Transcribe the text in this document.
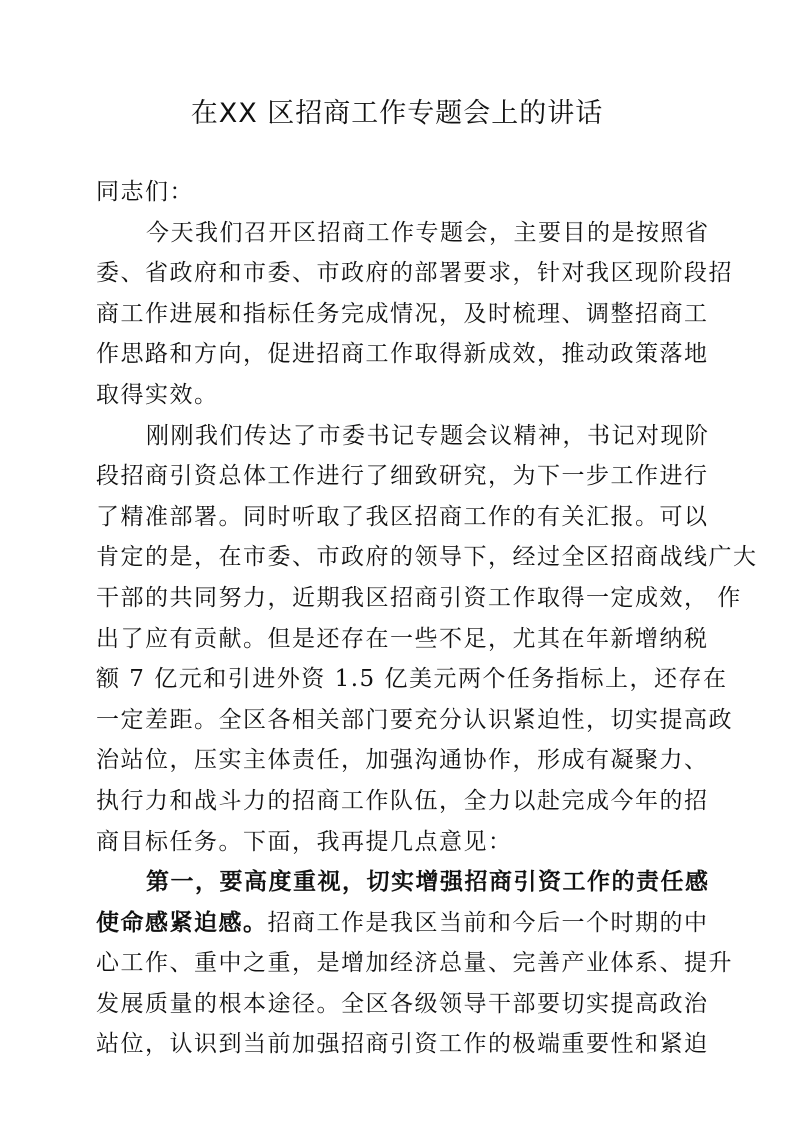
在XX 区招商工作专题会上的讲话
同志们：
今天我们召开区招商工作专题会，主要目的是按照省
委、省政府和市委、市政府的部署要求，针对我区现阶段招
商工作进展和指标任务完成情况，及时梳理、调整招商工
作思路和方向，促进招商工作取得新成效，推动政策落地
取得实效。
刚刚我们传达了市委书记专题会议精神，书记对现阶
段招商引资总体工作进行了细致研究，为下一步工作进行
了精准部署。同时听取了我区招商工作的有关汇报。可以
肯定的是，在市委、市政府的领导下，经过全区招商战线广大
干部的共同努力，近期我区招商引资工作取得一定成效， 作
出了应有贡献。但是还存在一些不足，尤其在年新增纳税
额 7 亿元和引进外资 1.5 亿美元两个任务指标上，还存在
一定差距。全区各相关部门要充分认识紧迫性，切实提高政
治站位，压实主体责任，加强沟通协作，形成有凝聚力、
执行力和战斗力的招商工作队伍，全力以赴完成今年的招
商目标任务。下面，我再提几点意见：
第一，要高度重视，切实增强招商引资工作的责任感
使命感紧迫感。招商工作是我区当前和今后一个时期的中
心工作、重中之重，是增加经济总量、完善产业体系、提升
发展质量的根本途径。全区各级领导干部要切实提高政治
站位，认识到当前加强招商引资工作的极端重要性和紧迫
